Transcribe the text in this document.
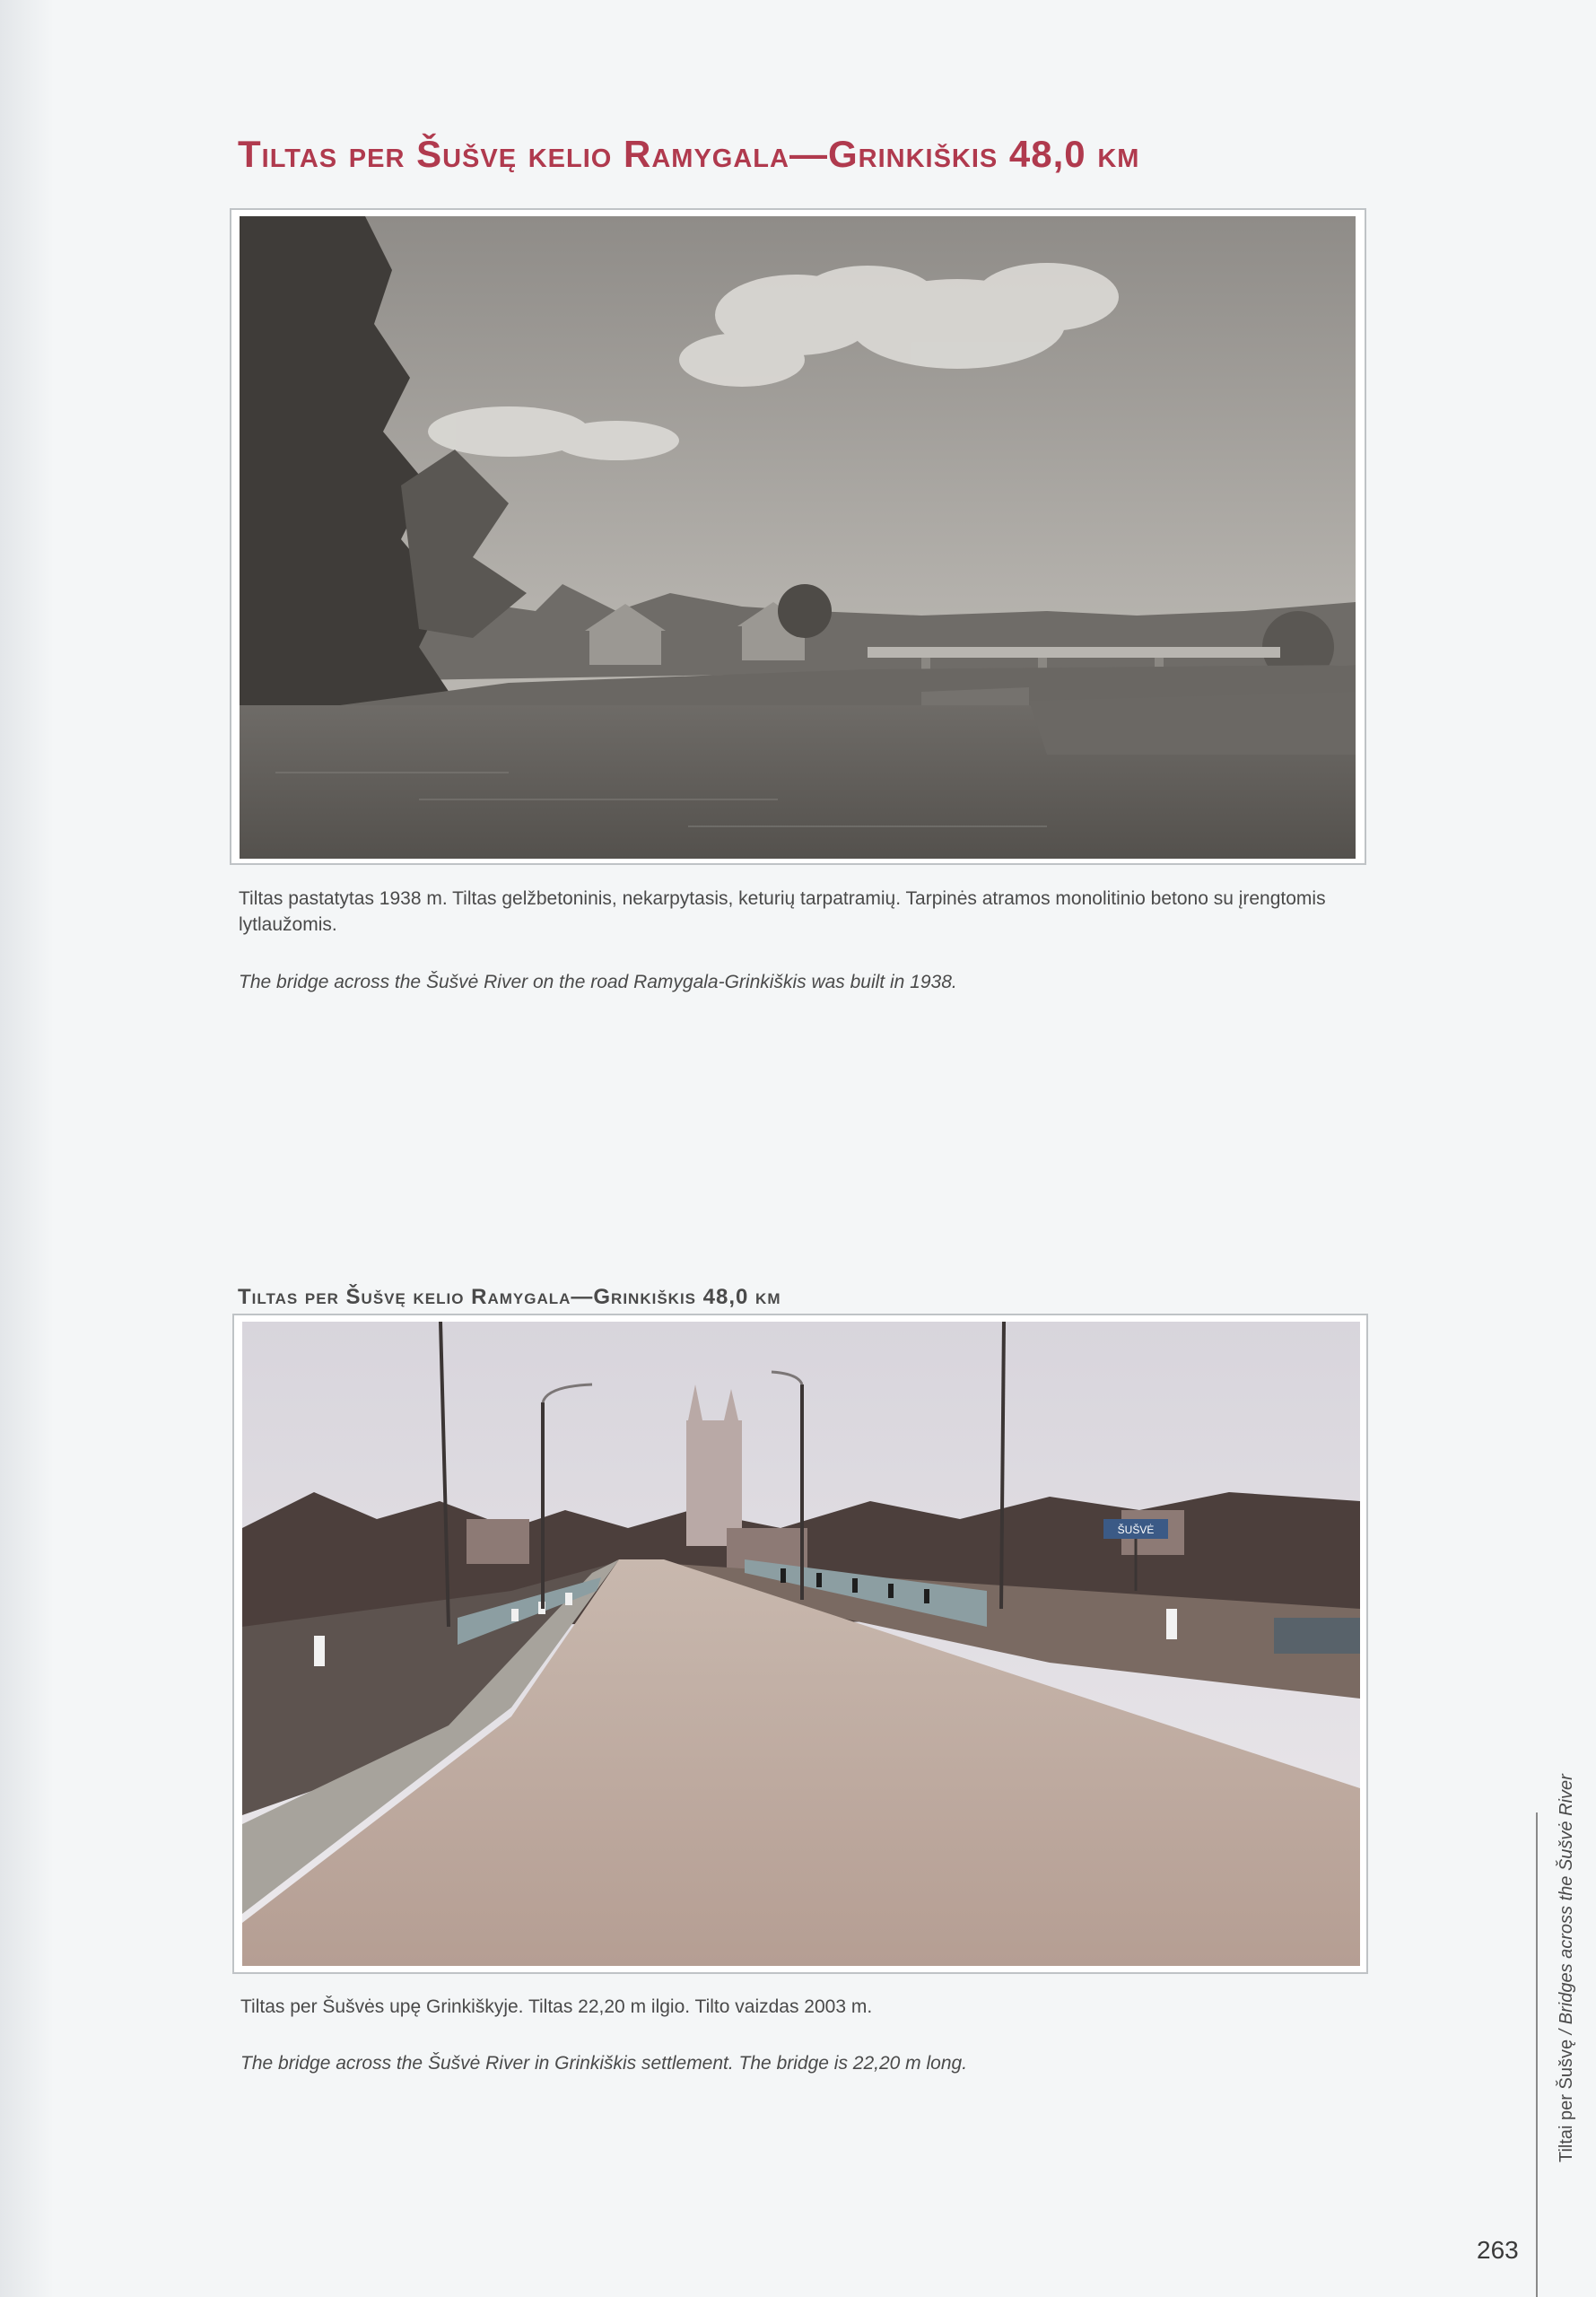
Tiltas per Šušvę kelio Ramygala—Grinkiškis 48,0 km

Tiltas pastatytas 1938 m. Tiltas gelžbetoninis, nekarpytasis, keturių tarpatramių. Tarpinės atramos monolitinio betono su įrengtomis lytlaužomis.

The bridge across the Šušvė River on the road Ramygala-Grinkiškis was built in 1938.

Tiltas per Šušvę kelio Ramygala—Grinkiškis 48,0 km
ŠUŠVĖ

Tiltas per Šušvės upę Grinkiškyje. Tiltas 22,20 m ilgio. Tilto vaizdas 2003 m.

The bridge across the Šušvė River in Grinkiškis settlement. The bridge is 22,20 m long.	Tiltai per Šušvę / Bridges across the Šušvė River
263
